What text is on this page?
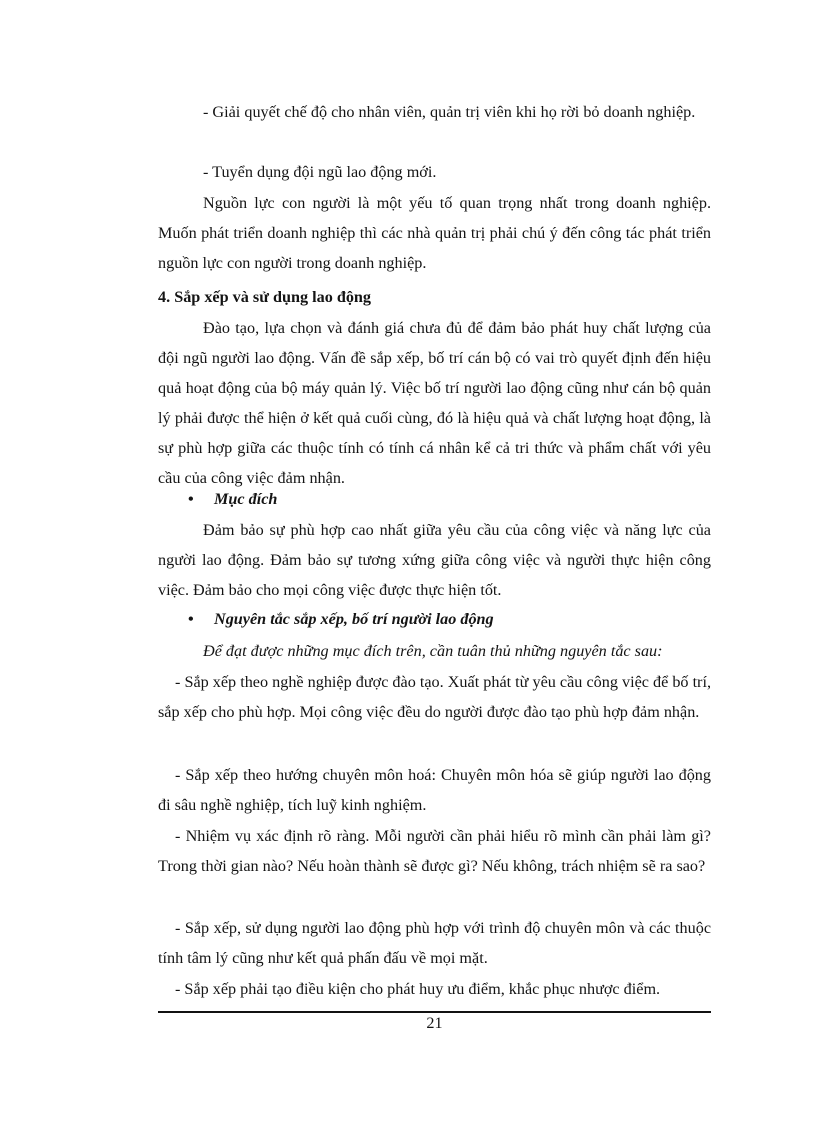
- Giải quyết chế độ cho nhân viên, quản trị viên khi họ rời bỏ doanh nghiệp.

- Tuyển dụng đội ngũ lao động mới.

Nguồn lực con người là một yếu tố quan trọng nhất trong doanh nghiệp. Muốn phát triển doanh nghiệp thì các nhà quản trị phải chú ý đến công tác phát triển nguồn lực con người trong doanh nghiệp.

4. Sắp xếp và sử dụng lao động

Đào tạo, lựa chọn và đánh giá chưa đủ để đảm bảo phát huy chất lượng của đội ngũ người lao động. Vấn đề sắp xếp, bố trí cán bộ có vai trò quyết định đến hiệu quả hoạt động của bộ máy quản lý. Việc bố trí người lao động cũng như cán bộ quản lý phải được thể hiện ở kết quả cuối cùng, đó là hiệu quả và chất lượng hoạt động, là sự phù hợp giữa các thuộc tính có tính cá nhân kể cả tri thức và phẩm chất với yêu cầu của công việc đảm nhận.

• Mục đích

Đảm bảo sự phù hợp cao nhất giữa yêu cầu của công việc và năng lực của người lao động. Đảm bảo sự tương xứng giữa công việc và người thực hiện công việc. Đảm bảo cho mọi công việc được thực hiện tốt.

• Nguyên tắc sắp xếp, bố trí người lao động

Để đạt được những mục đích trên, cần tuân thủ những nguyên tắc sau:

- Sắp xếp theo nghề nghiệp được đào tạo. Xuất phát từ yêu cầu công việc để bố trí, sắp xếp cho phù hợp. Mọi công việc đều do người được đào tạo phù hợp đảm nhận.

- Sắp xếp theo hướng chuyên môn hoá: Chuyên môn hóa sẽ giúp người lao động đi sâu nghề nghiệp, tích luỹ kinh nghiệm.

- Nhiệm vụ xác định rõ ràng. Mỗi người cần phải hiểu rõ mình cần phải làm gì? Trong thời gian nào? Nếu hoàn thành sẽ được gì? Nếu không, trách nhiệm sẽ ra sao?

- Sắp xếp, sử dụng người lao động phù hợp với trình độ chuyên môn và các thuộc tính tâm lý cũng như kết quả phấn đấu về mọi mặt.

- Sắp xếp phải tạo điều kiện cho phát huy ưu điểm, khắc phục nhược điểm.

21
